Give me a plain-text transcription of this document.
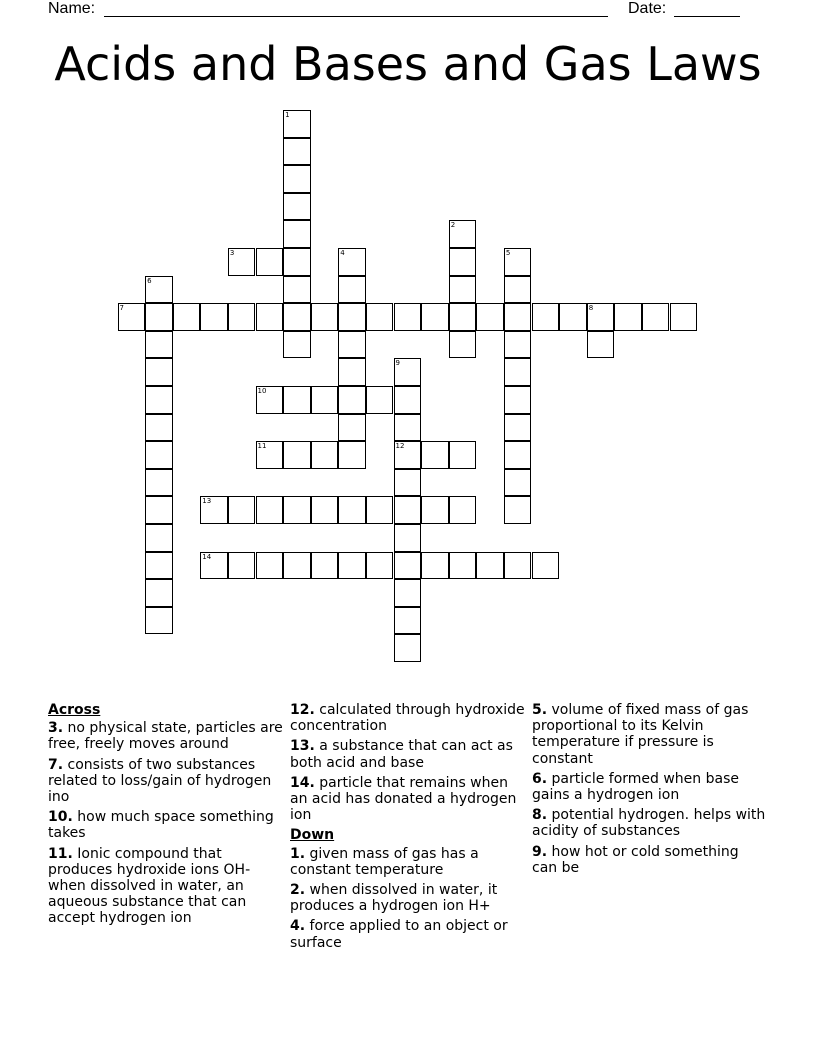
Name:	Date:
Acids and Bases and Gas Laws
1
2
3	4	5
6
7	8
9
12
10
11
13
14
Across
3. no physical state, particles are free, freely moves around
7. consists of two substances related to loss/gain of hydrogen ino
10. how much space something takes
11. Ionic compound that produces hydroxide ions OH- when dissolved in water, an aqueous substance that can accept hydrogen ion
12. calculated through hydroxide concentration
13. a substance that can act as both acid and base
14. particle that remains when an acid has donated a hydrogen ion
Down
1. given mass of gas has a constant temperature
2. when dissolved in water, it produces a hydrogen ion H+
4. force applied to an object or surface
5. volume of fixed mass of gas proportional to its Kelvin temperature if pressure is constant
6. particle formed when base gains a hydrogen ion
8. potential hydrogen. helps with acidity of substances
9. how hot or cold something can be
